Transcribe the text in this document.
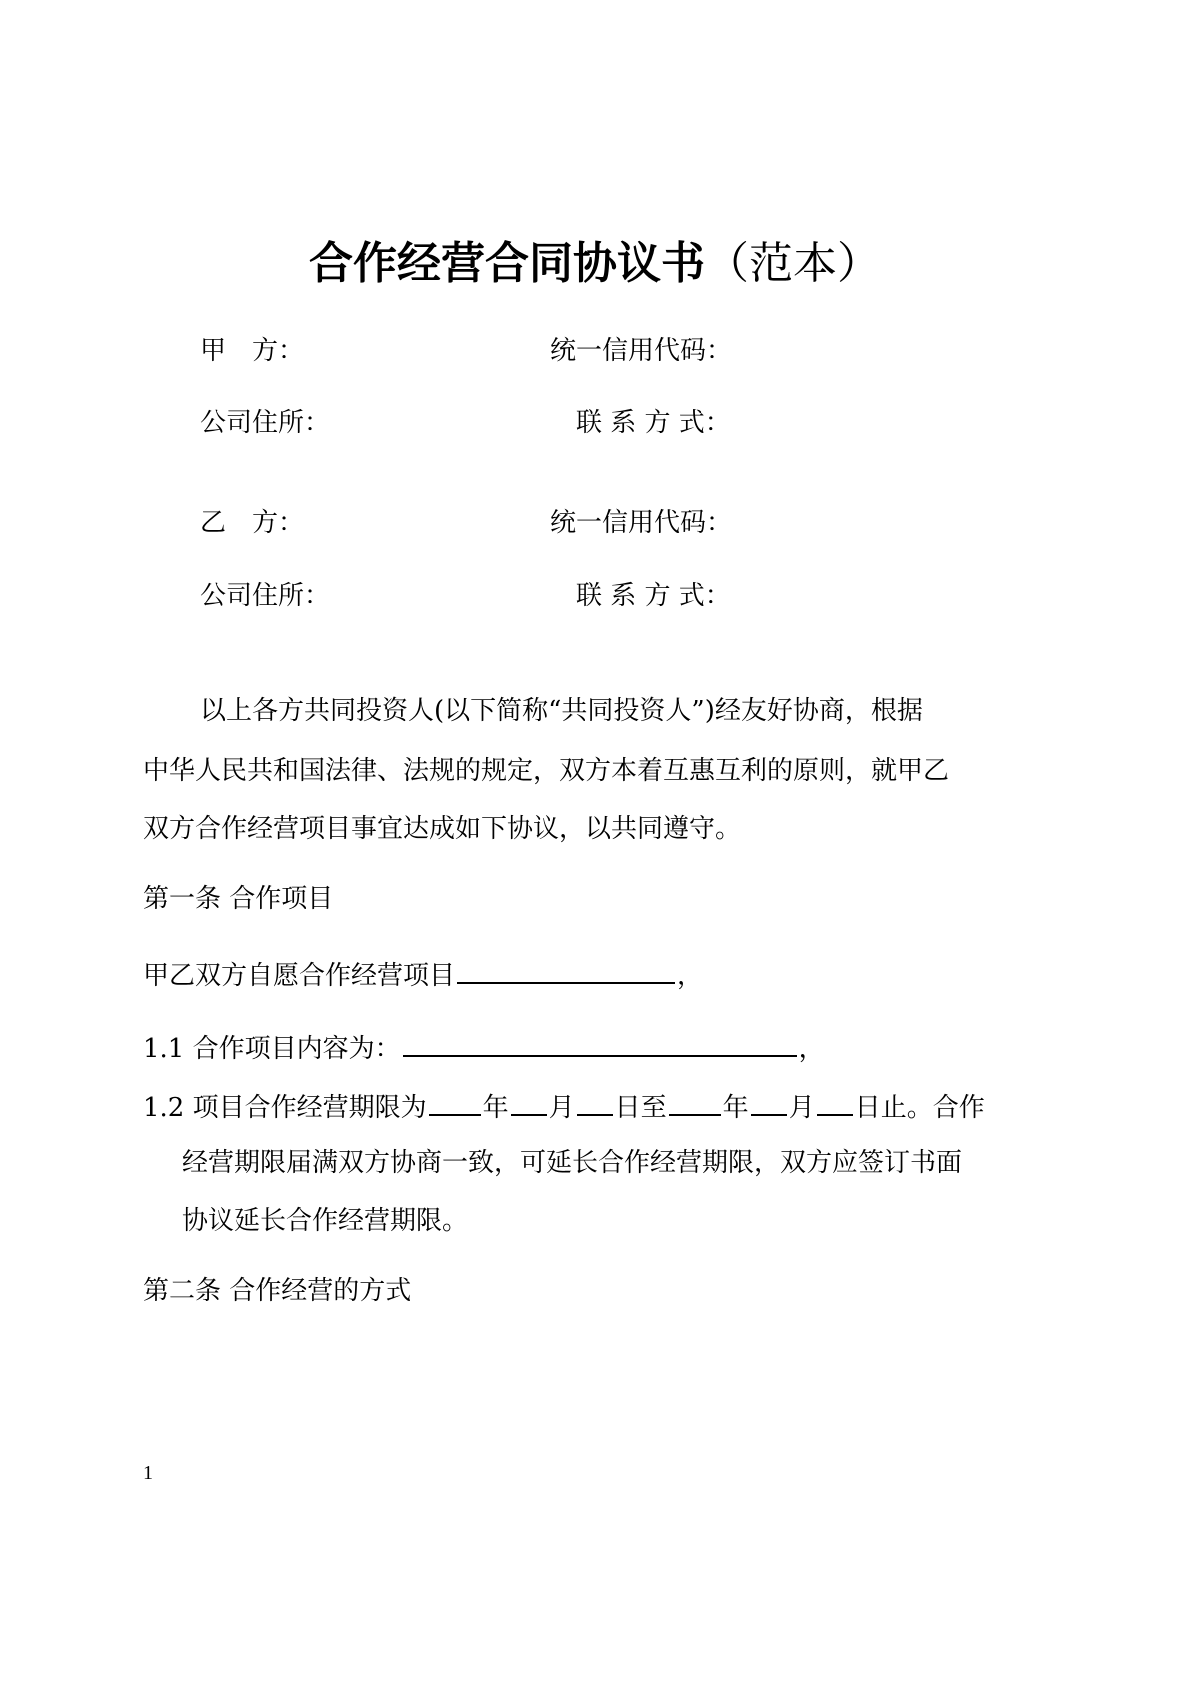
合作经营合同协议书（范本）
甲　方：	统一信用代码：
公司住所：	联 系 方 式：
乙　方：	统一信用代码：
公司住所：	联 系 方 式：
以上各方共同投资人(以下简称“共同投资人”)经友好协商，根据
中华人民共和国法律、法规的规定，双方本着互惠互利的原则，就甲乙
双方合作经营项目事宜达成如下协议，以共同遵守。
第一条 合作项目
甲乙双方自愿合作经营项目	，
1.1 合作项目内容为：	，
1.2 项目合作经营期限为 年 月 日至 年 月 日止。合作
经营期限届满双方协商一致，可延长合作经营期限，双方应签订书面
协议延长合作经营期限。
第二条 合作经营的方式
1
